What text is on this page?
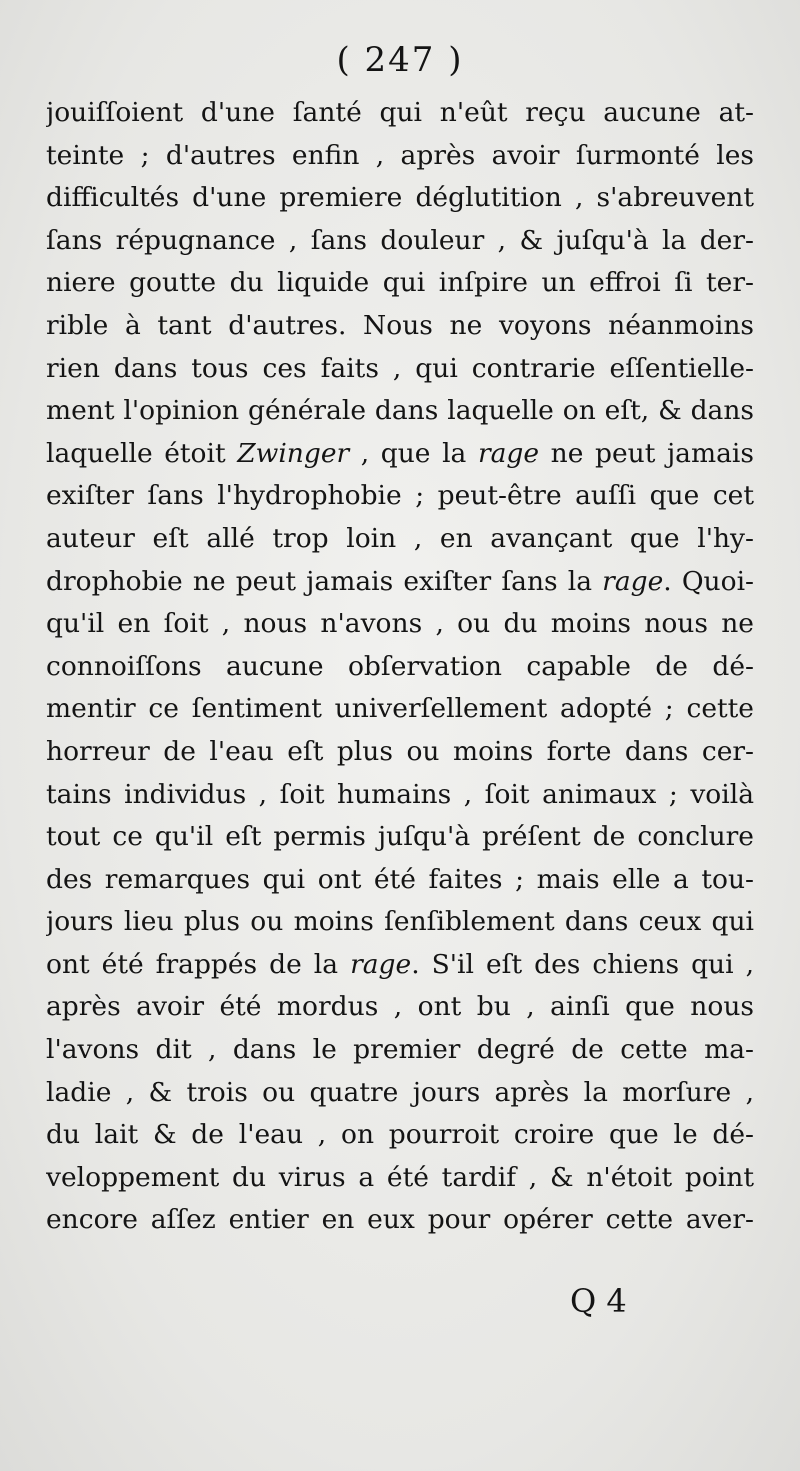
( 247 )
jouiſſoient d'une ſanté qui n'eût reçu aucune at-
teinte ; d'autres enfin , après avoir ſurmonté les
difficultés d'une premiere déglutition , s'abreuvent
ſans répugnance , ſans douleur , & juſqu'à la der-
niere goutte du liquide qui inſpire un effroi ſi ter-
rible à tant d'autres. Nous ne voyons néanmoins
rien dans tous ces faits , qui contrarie eſſentielle-
ment l'opinion générale dans laquelle on eſt, & dans
laquelle étoit Zwinger , que la rage ne peut jamais
exiſter ſans l'hydrophobie ; peut-être auſſi que cet
auteur eſt allé trop loin , en avançant que l'hy-
drophobie ne peut jamais exiſter ſans la rage. Quoi-
qu'il en ſoit , nous n'avons , ou du moins nous ne
connoiſſons aucune obſervation capable de dé-
mentir ce ſentiment univerſellement adopté ; cette
horreur de l'eau eſt plus ou moins forte dans cer-
tains individus , ſoit humains , ſoit animaux ; voilà
tout ce qu'il eſt permis juſqu'à préſent de conclure
des remarques qui ont été faites ; mais elle a tou-
jours lieu plus ou moins ſenſiblement dans ceux qui
ont été frappés de la rage. S'il eſt des chiens qui ,
après avoir été mordus , ont bu , ainſi que nous
l'avons dit , dans le premier degré de cette ma-
ladie , & trois ou quatre jours après la morſure ,
du lait & de l'eau , on pourroit croire que le dé-
veloppement du virus a été tardif , & n'étoit point
encore aſſez entier en eux pour opérer cette aver-
Q 4
